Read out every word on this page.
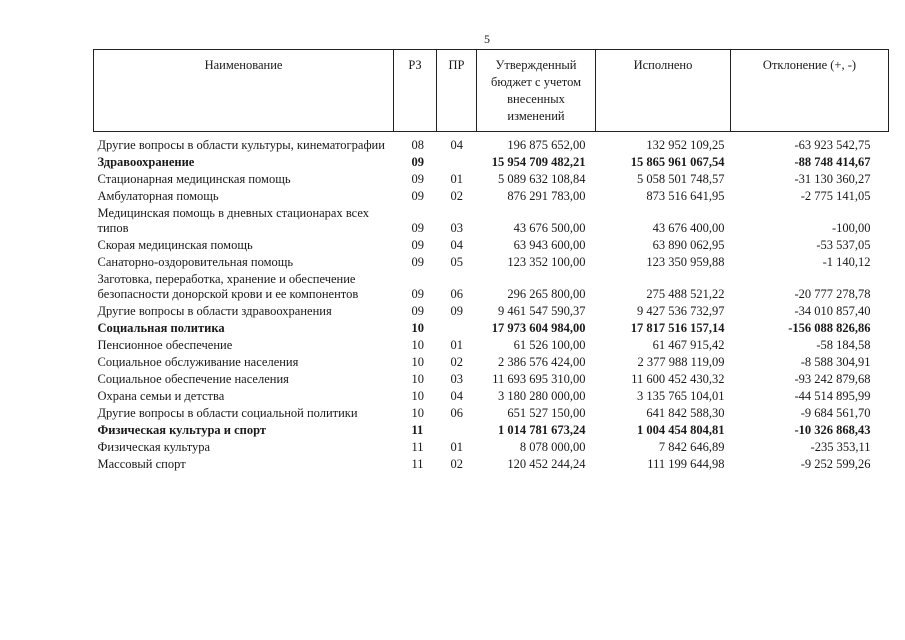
5
Наименование	РЗ	ПР	Утвержденный бюджет с учетом внесенных изменений	Исполнено	Отклонение (+, -)
Другие вопросы в области культуры, кинематографии	08	04	196 875 652,00	132 952 109,25	-63 923 542,75
Здравоохранение	09		15 954 709 482,21	15 865 961 067,54	-88 748 414,67
Стационарная медицинская помощь	09	01	5 089 632 108,84	5 058 501 748,57	-31 130 360,27
Амбулаторная помощь	09	02	876 291 783,00	873 516 641,95	-2 775 141,05
Медицинская помощь в дневных стационарах всех типов	09	03	43 676 500,00	43 676 400,00	-100,00
Скорая медицинская помощь	09	04	63 943 600,00	63 890 062,95	-53 537,05
Санаторно-оздоровительная помощь	09	05	123 352 100,00	123 350 959,88	-1 140,12
Заготовка, переработка, хранение и обеспечение безопасности донорской крови и ее компонентов	09	06	296 265 800,00	275 488 521,22	-20 777 278,78
Другие вопросы в области здравоохранения	09	09	9 461 547 590,37	9 427 536 732,97	-34 010 857,40
Социальная политика	10		17 973 604 984,00	17 817 516 157,14	-156 088 826,86
Пенсионное обеспечение	10	01	61 526 100,00	61 467 915,42	-58 184,58
Социальное обслуживание населения	10	02	2 386 576 424,00	2 377 988 119,09	-8 588 304,91
Социальное обеспечение населения	10	03	11 693 695 310,00	11 600 452 430,32	-93 242 879,68
Охрана семьи и детства	10	04	3 180 280 000,00	3 135 765 104,01	-44 514 895,99
Другие вопросы в области социальной политики	10	06	651 527 150,00	641 842 588,30	-9 684 561,70
Физическая культура и спорт	11		1 014 781 673,24	1 004 454 804,81	-10 326 868,43
Физическая культура	11	01	8 078 000,00	7 842 646,89	-235 353,11
Массовый спорт	11	02	120 452 244,24	111 199 644,98	-9 252 599,26
